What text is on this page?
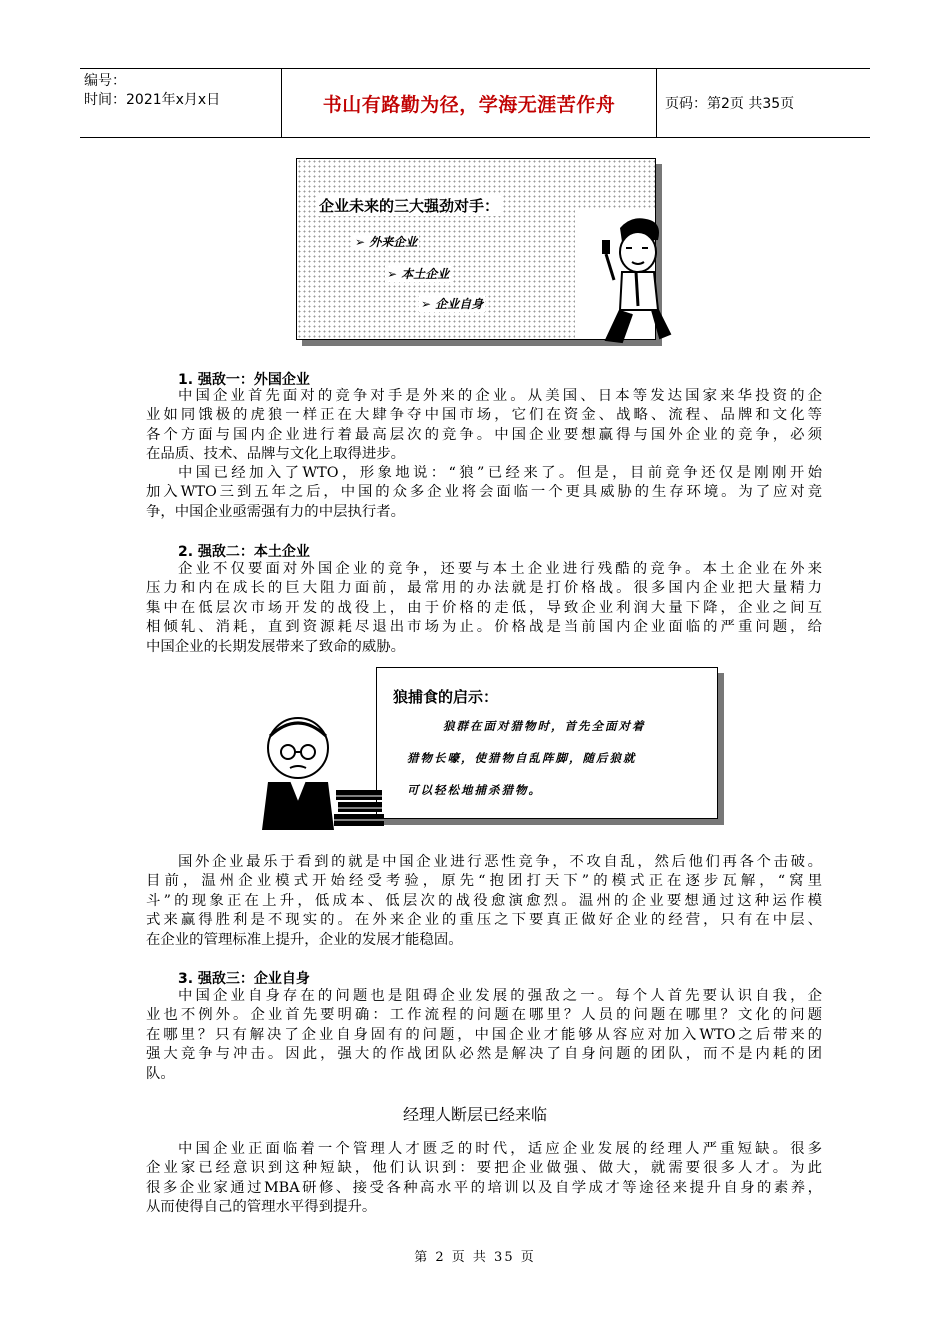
编号：
时间：2021年x月x日	书山有路勤为径，学海无涯苦作舟	页码：第2页 共35页
企业未来的三大强劲对手：
➢ 外来企业
➢ 本土企业
➢ 企业自身
1. 强敌一：外国企业
中国企业首先面对的竞争对手是外来的企业。从美国、日本等发达国家来华投资的企
业如同饿极的虎狼一样正在大肆争夺中国市场，它们在资金、战略、流程、品牌和文化等
各个方面与国内企业进行着最高层次的竞争。中国企业要想赢得与国外企业的竞争，必须
在品质、技术、品牌与文化上取得进步。
中国已经加入了WTO，形象地说：“狼”已经来了。但是，目前竞争还仅是刚刚开始
加入WTO三到五年之后，中国的众多企业将会面临一个更具威胁的生存环境。为了应对竞
争，中国企业亟需强有力的中层执行者。
2. 强敌二：本土企业
企业不仅要面对外国企业的竞争，还要与本土企业进行残酷的竞争。本土企业在外来
压力和内在成长的巨大阻力面前，最常用的办法就是打价格战。很多国内企业把大量精力
集中在低层次市场开发的战役上，由于价格的走低，导致企业利润大量下降，企业之间互
相倾轧、消耗，直到资源耗尽退出市场为止。价格战是当前国内企业面临的严重问题，给
中国企业的长期发展带来了致命的威胁。
狼捕食的启示：
狼群在面对猎物时，首先全面对着
猎物长嚎，使猎物自乱阵脚，随后狼就
可以轻松地捕杀猎物。
国外企业最乐于看到的就是中国企业进行恶性竞争，不攻自乱，然后他们再各个击破。
目前，温州企业模式开始经受考验，原先“抱团打天下”的模式正在逐步瓦解，“窝里
斗”的现象正在上升，低成本、低层次的战役愈演愈烈。温州的企业要想通过这种运作模
式来赢得胜利是不现实的。在外来企业的重压之下要真正做好企业的经营，只有在中层、
在企业的管理标准上提升，企业的发展才能稳固。
3. 强敌三：企业自身
中国企业自身存在的问题也是阻碍企业发展的强敌之一。每个人首先要认识自我，企
业也不例外。企业首先要明确：工作流程的问题在哪里？人员的问题在哪里？文化的问题
在哪里？只有解决了企业自身固有的问题，中国企业才能够从容应对加入WTO之后带来的
强大竞争与冲击。因此，强大的作战团队必然是解决了自身问题的团队，而不是内耗的团
队。
经理人断层已经来临
中国企业正面临着一个管理人才匮乏的时代，适应企业发展的经理人严重短缺。很多
企业家已经意识到这种短缺，他们认识到：要把企业做强、做大，就需要很多人才。为此
很多企业家通过MBA研修、接受各种高水平的培训以及自学成才等途径来提升自身的素养，
从而使得自己的管理水平得到提升。
第 2 页 共 35 页
